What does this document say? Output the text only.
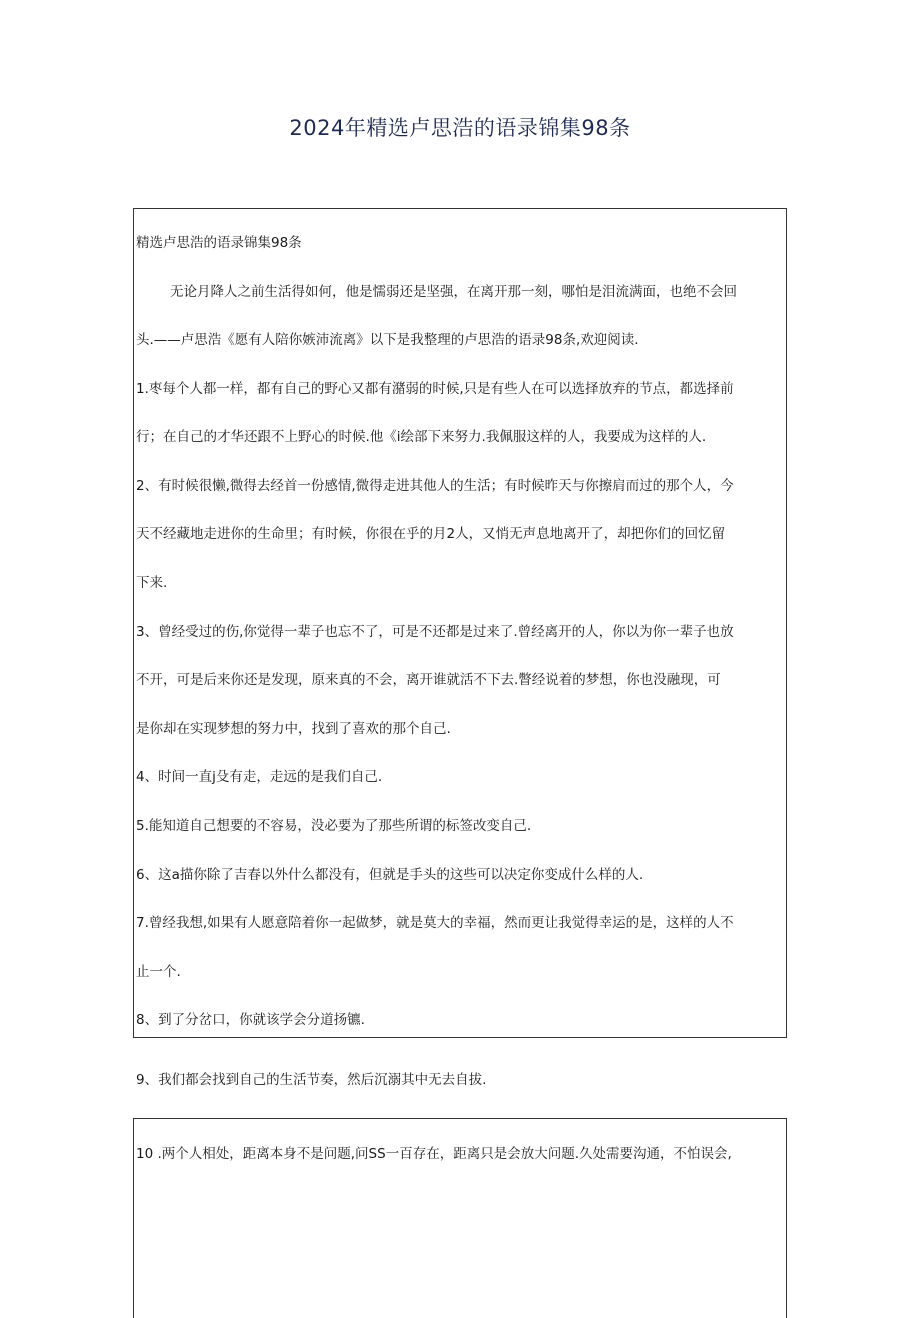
2024年精选卢思浩的语录锦集98条

精选卢思浩的语录锦集98条

无论月降人之前生活得如何，他是懦弱还是坚强，在离开那一刻，哪怕是泪流满面，也绝不会回

头.——卢思浩《愿有人陪你嫉沛流离》以下是我整理的卢思浩的语录98条,欢迎阅读.

1.枣每个人都一样，都有自己的野心又都有潴弱的时候,只是有些人在可以选择放弃的节点，都选择前

行；在自己的才华还跟不上野心的时候.他《i绘部下来努力.我佩服这样的人，我要成为这样的人.

2、有时候很懒,微得去经首一份感情,微得走进其他人的生活；有时候昨天与你擦肩而过的那个人，今

天不经藏地走进你的生命里；有时候，你很在乎的月2人，又悄无声息地离开了，却把你们的回忆留

下来.

3、曾经受过的伤,你觉得一辈子也忘不了，可是不还都是过来了.曾经离开的人，你以为你一辈子也放

不开，可是后来你还是发现，原来真的不会，离开谁就活不下去.瞥经说着的梦想，你也没融现，可

是你却在实现梦想的努力中，找到了喜欢的那个自己.

4、时间一直j殳有走，走远的是我们自己.

5.能知道自己想要的不容易，没必要为了那些所谓的标签改变自己.

6、这a描你除了吉春以外什么都没有，但就是手头的这些可以决定你变成什么样的人.

7.曾经我想,如果有人愿意陪着你一起做梦，就是莫大的幸福，然而更让我觉得幸运的是，这样的人不

止一个.

8、到了分岔口，你就该学会分道扬镳.

9、我们都会找到自己的生活节奏，然后沉溺其中无去自拔.

10 .两个人相处，距离本身不是问题,问SS一百存在，距离只是会放大问题.久处需要沟通，不怕误会,
